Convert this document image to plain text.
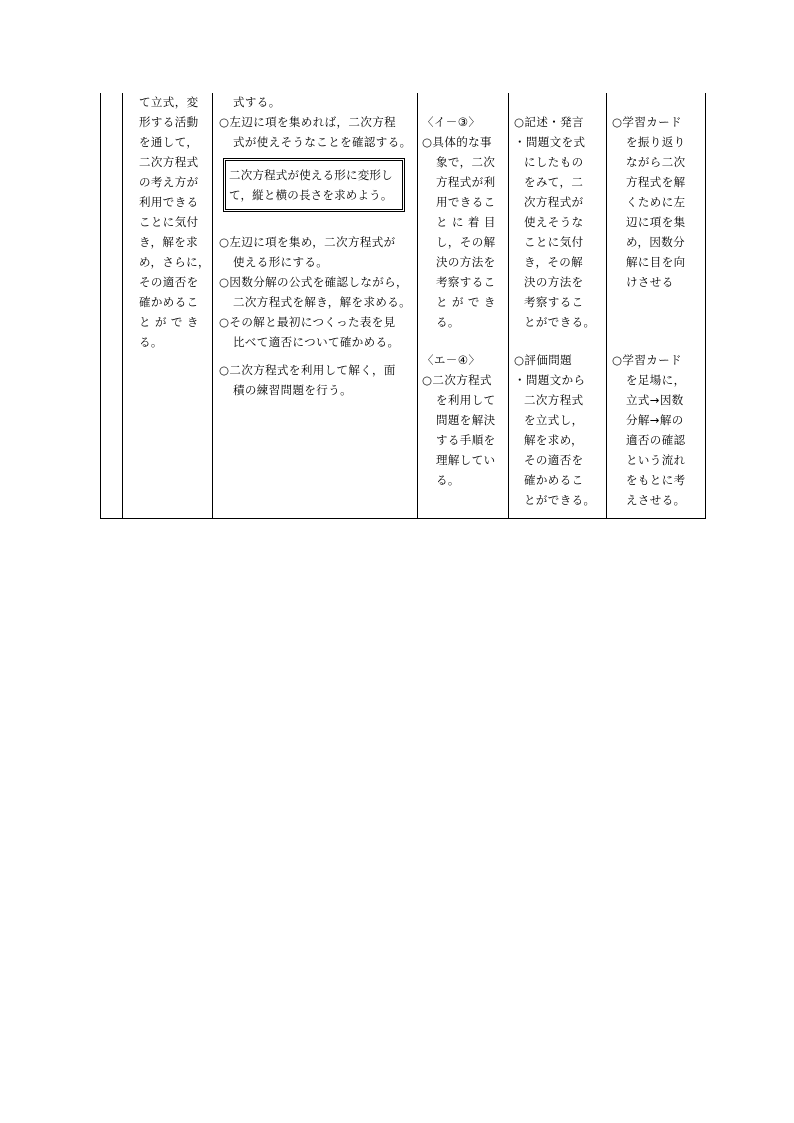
て立式，変

形する活動

を通して，

二次方程式

の考え方が

利用できる

ことに気付

き，解を求

め，さらに，

その適否を

確かめるこ

と が で き

る。

式する。

○左辺に項を集めれば，二次方程

式が使えそうなことを確認する。

二次方程式が使える形に変形し

て，縦と横の長さを求めよう。

○左辺に項を集め，二次方程式が

使える形にする。

○因数分解の公式を確認しながら，

二次方程式を解き，解を求める。

○その解と最初につくった表を見

比べて適否について確かめる。

○二次方程式を利用して解く，面

積の練習問題を行う。

〈イ－③〉

○具体的な事

象で，二次

方程式が利

用できるこ

と に 着 目

し，その解

決の方法を

考察するこ

と が で き

る。

〈エ－④〉

○二次方程式

を利用して

問題を解決

する手順を

理解してい

る。

○記述・発言

・問題文を式

にしたもの

をみて，二

次方程式が

使えそうな

ことに気付

き，その解

決の方法を

考察するこ

とができる。

○評価問題

・問題文から

二次方程式

を立式し，

解を求め，

その適否を

確かめるこ

とができる。

○学習カード

を振り返り

ながら二次

方程式を解

くために左

辺に項を集

め，因数分

解に目を向

けさせる

○学習カード

を足場に，

立式→因数

分解→解の

適否の確認

という流れ

をもとに考

えさせる。
